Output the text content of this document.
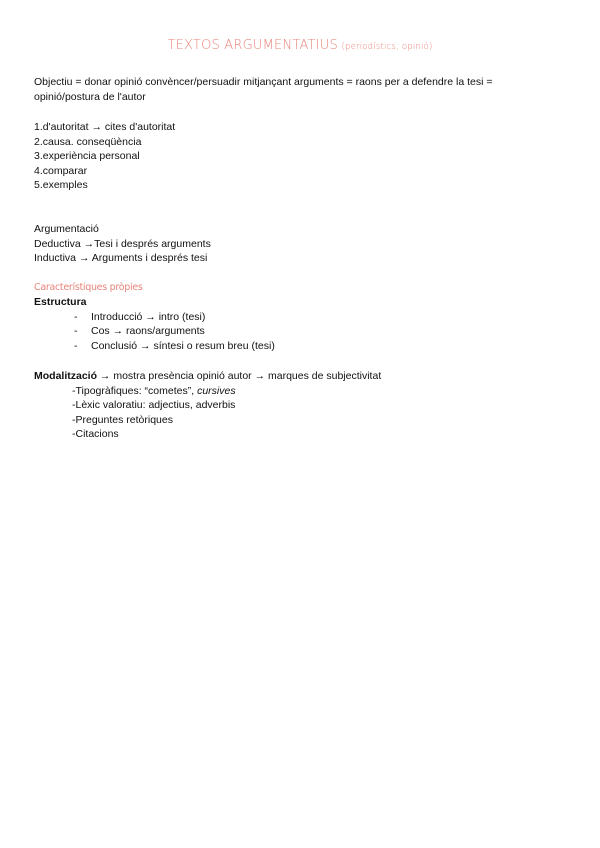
TEXTOS ARGUMENTATIUS (periodístics, opinió)
Objectiu = donar opinió convèncer/persuadir mitjançant arguments = raons per a defendre la tesi = opinió/postura de l'autor
1.d'autoritat → cites d'autoritat
2.causa. conseqüència
3.experiència personal
4.comparar
5.exemples
Argumentació
Deductiva →Tesi i després arguments
Inductiva → Arguments i després tesi
Característiques pròpies
Estructura
- Introducció → intro (tesi)
- Cos → raons/arguments
- Conclusió → síntesi o resum breu (tesi)
Modalització → mostra presència opinió autor → marques de subjectivitat
-Tipogràfiques: “cometes”, cursives
-Lèxic valoratiu: adjectius, adverbis
-Preguntes retòriques
-Citacions
